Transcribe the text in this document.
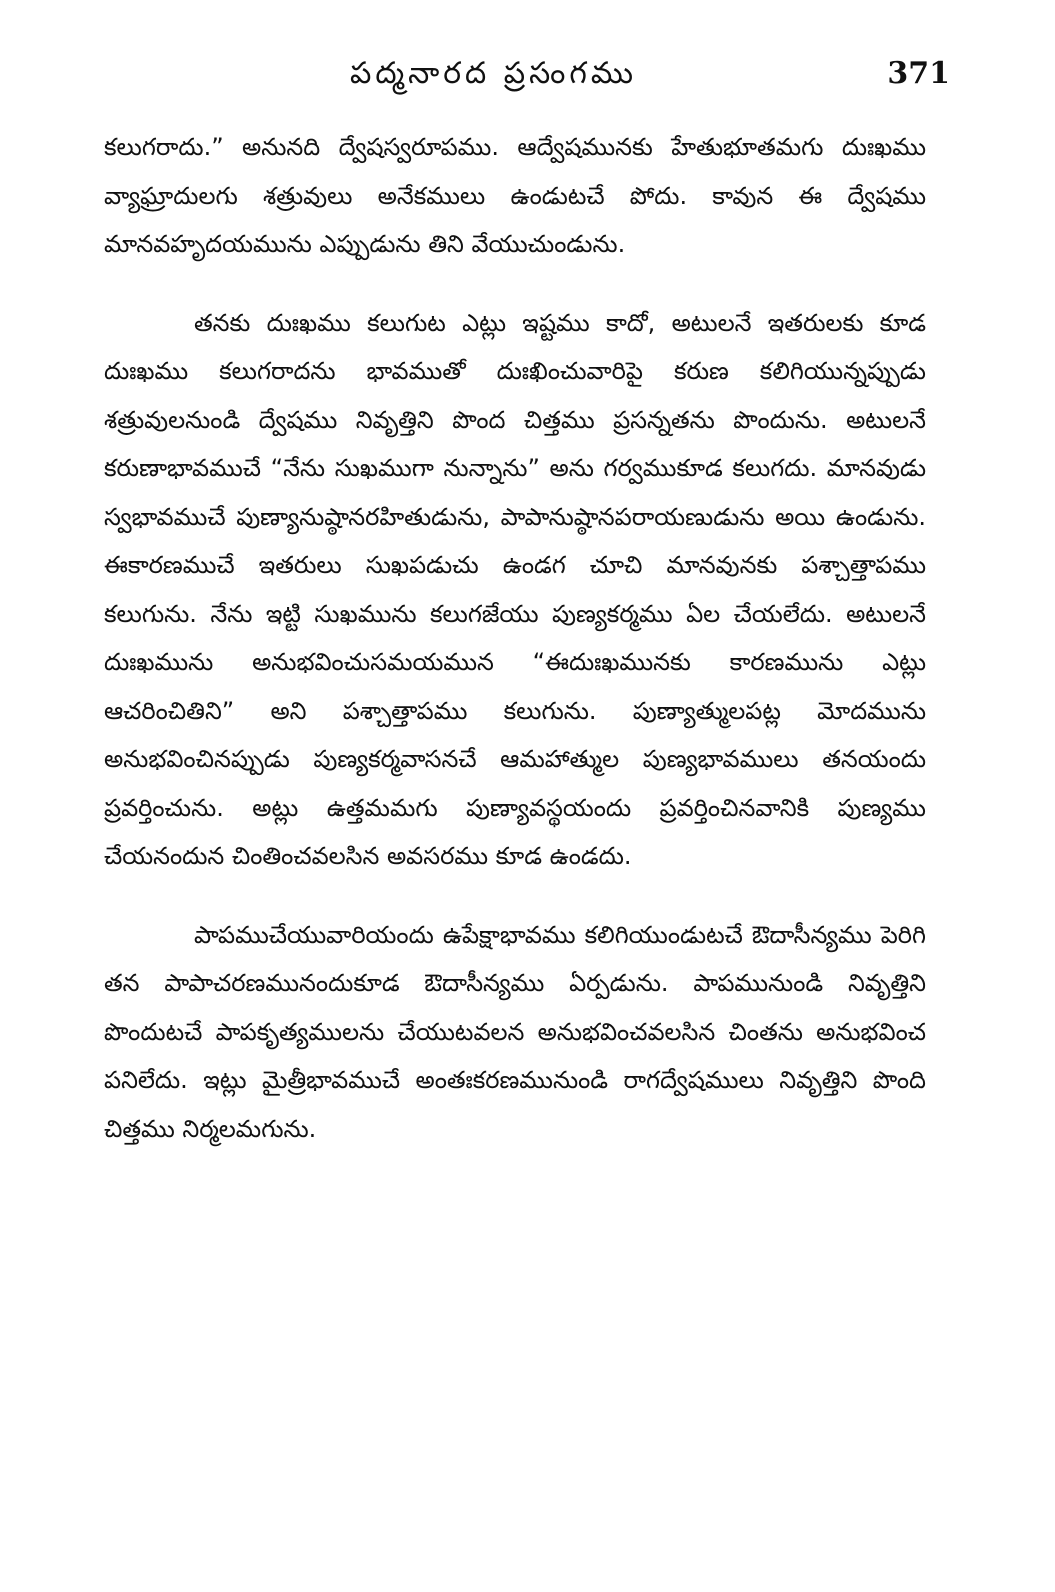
పద్మనారద ప్రసంగము	371

కలుగరాదు.” అనునది ద్వేషస్వరూపము. ఆద్వేషమునకు హేతుభూతమగు దుఃఖము వ్యాఘ్రాదులగు శత్రువులు అనేకములు ఉండుటచే పోదు. కావున ఈ ద్వేషము మానవహృదయమును ఎప్పుడును తిని వేయుచుండును.

తనకు దుఃఖము కలుగుట ఎట్లు ఇష్టము కాదో, అటులనే ఇతరులకు కూడ దుఃఖము కలుగరాదను భావముతో దుఃఖించువారిపై కరుణ కలిగియున్నప్పుడు శత్రువులనుండి ద్వేషము నివృత్తిని పొంద చిత్తము ప్రసన్నతను పొందును. అటులనే కరుణాభావముచే “నేను సుఖముగా నున్నాను” అను గర్వముకూడ కలుగదు. మానవుడు స్వభావముచే పుణ్యానుష్ఠానరహితుడును, పాపానుష్ఠానపరాయణుడును అయి ఉండును. ఈకారణముచే ఇతరులు సుఖపడుచు ఉండగ చూచి మానవునకు పశ్చాత్తాపము కలుగును. నేను ఇట్టి సుఖమును కలుగజేయు పుణ్యకర్మము ఏల చేయలేదు. అటులనే దుఃఖమును అనుభవించుసమయమున “ఈదుఃఖమునకు కారణమును ఎట్లు ఆచరించితిని” అని పశ్చాత్తాపము కలుగును. పుణ్యాత్ములపట్ల మోదమును అనుభవించినప్పుడు పుణ్యకర్మవాసనచే ఆమహాత్ముల పుణ్యభావములు తనయందు ప్రవర్తించును. అట్లు ఉత్తమమగు పుణ్యావస్థయందు ప్రవర్తించినవానికి పుణ్యము చేయనందున చింతించవలసిన అవసరము కూడ ఉండదు.

పాపముచేయువారియందు ఉపేక్షాభావము కలిగియుండుటచే ఔదాసీన్యము పెరిగి తన పాపాచరణమునందుకూడ ఔదాసీన్యము ఏర్పడును. పాపమునుండి నివృత్తిని పొందుటచే పాపకృత్యములను చేయుటవలన అనుభవించవలసిన చింతను అనుభవించ పనిలేదు. ఇట్లు మైత్రీభావముచే అంతఃకరణమునుండి రాగద్వేషములు నివృత్తిని పొంది చిత్తము నిర్మలమగును.
